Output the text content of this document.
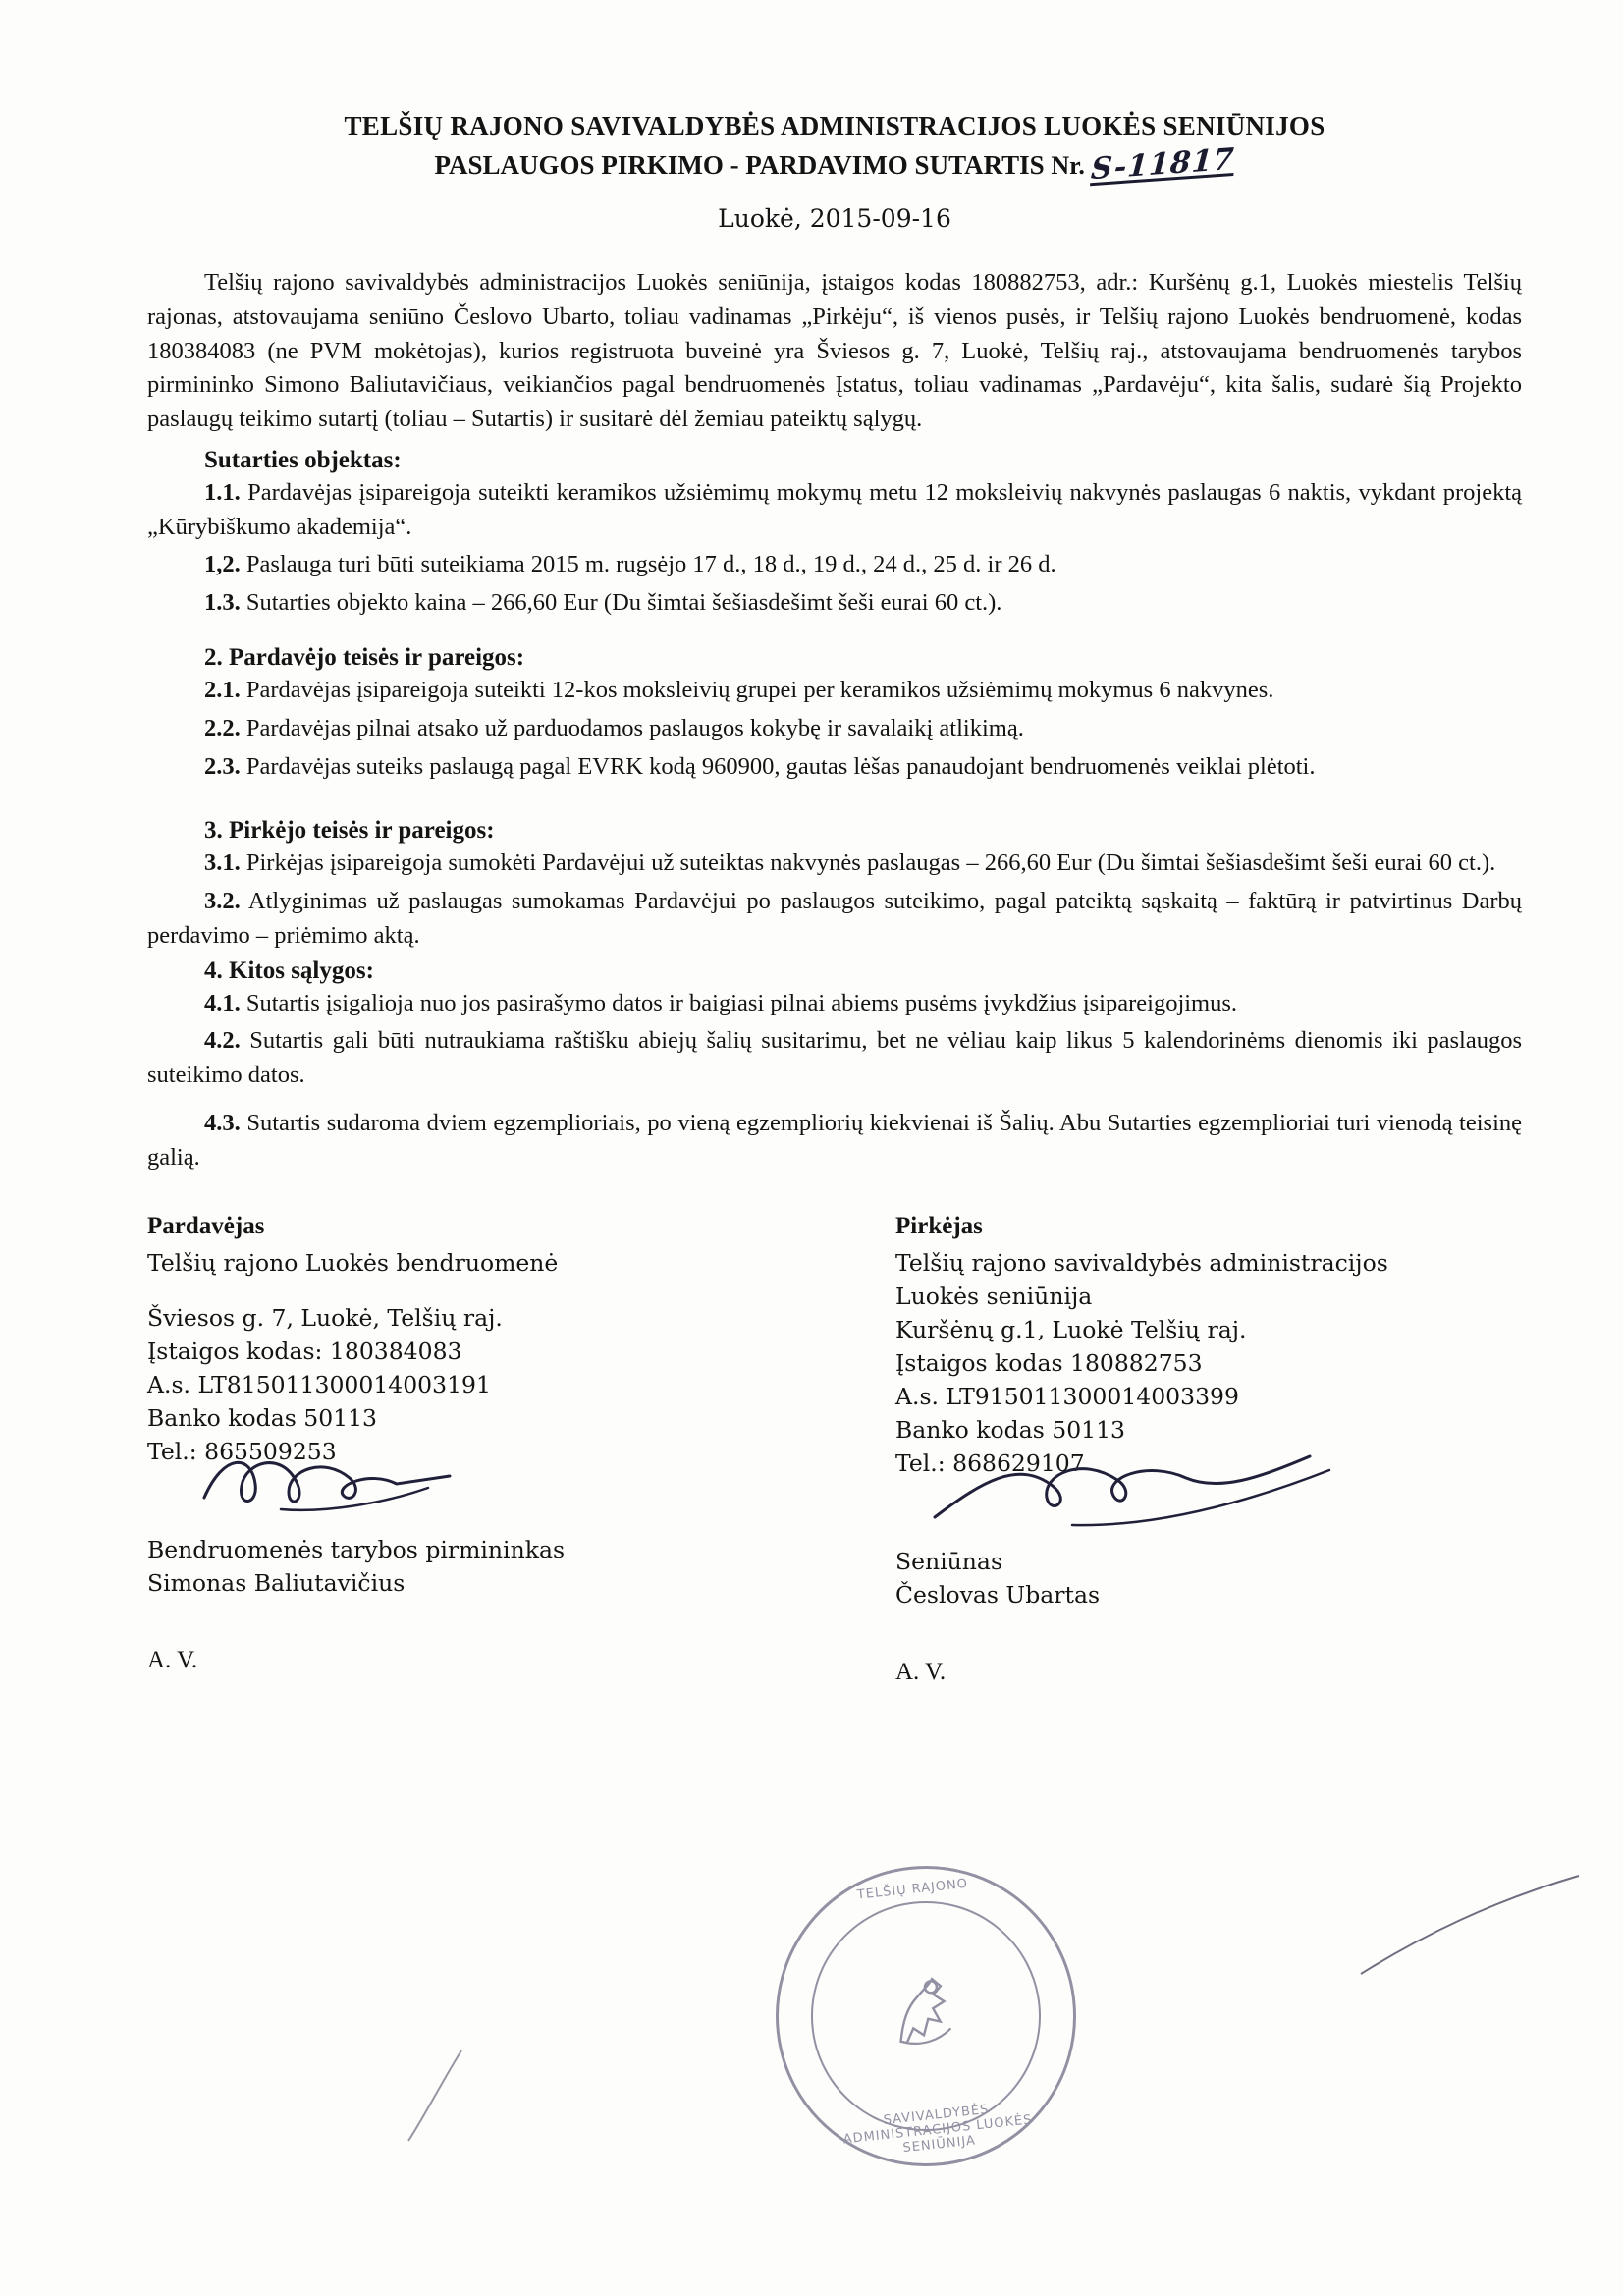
TELŠIŲ RAJONO SAVIVALDYBĖS ADMINISTRACIJOS LUOKĖS SENIŪNIJOS
PASLAUGOS PIRKIMO - PARDAVIMO SUTARTIS Nr. S-11817
Luokė, 2015-09-16

Telšių rajono savivaldybės administracijos Luokės seniūnija, įstaigos kodas 180882753, adr.: Kuršėnų g.1, Luokės miestelis Telšių rajonas, atstovaujama seniūno Česlovo Ubarto, toliau vadinamas „Pirkėju“, iš vienos pusės, ir Telšių rajono Luokės bendruomenė, kodas 180384083 (ne PVM mokėtojas), kurios registruota buveinė yra Šviesos g. 7, Luokė, Telšių raj., atstovaujama bendruomenės tarybos pirmininko Simono Baliutavičiaus, veikiančios pagal bendruomenės Įstatus, toliau vadinamas „Pardavėju“, kita šalis, sudarė šią Projekto paslaugų teikimo sutartį (toliau – Sutartis) ir susitarė dėl žemiau pateiktų sąlygų.

Sutarties objektas:

1.1. Pardavėjas įsipareigoja suteikti keramikos užsiėmimų mokymų metu 12 moksleivių nakvynės paslaugas 6 naktis, vykdant projektą „Kūrybiškumo akademija“.

1,2. Paslauga turi būti suteikiama 2015 m. rugsėjo 17 d., 18 d., 19 d., 24 d., 25 d. ir 26 d.

1.3. Sutarties objekto kaina – 266,60 Eur (Du šimtai šešiasdešimt šeši eurai 60 ct.).

2. Pardavėjo teisės ir pareigos:

2.1. Pardavėjas įsipareigoja suteikti 12-kos moksleivių grupei per keramikos užsiėmimų mokymus 6 nakvynes.

2.2. Pardavėjas pilnai atsako už parduodamos paslaugos kokybę ir savalaikį atlikimą.

2.3. Pardavėjas suteiks paslaugą pagal EVRK kodą 960900, gautas lėšas panaudojant bendruomenės veiklai plėtoti.

3. Pirkėjo teisės ir pareigos:

3.1. Pirkėjas įsipareigoja sumokėti Pardavėjui už suteiktas nakvynės paslaugas – 266,60 Eur (Du šimtai šešiasdešimt šeši eurai 60 ct.).

3.2. Atlyginimas už paslaugas sumokamas Pardavėjui po paslaugos suteikimo, pagal pateiktą sąskaitą – faktūrą ir patvirtinus Darbų perdavimo – priėmimo aktą.

4. Kitos sąlygos:

4.1. Sutartis įsigalioja nuo jos pasirašymo datos ir baigiasi pilnai abiems pusėms įvykdžius įsipareigojimus.

4.2. Sutartis gali būti nutraukiama raštišku abiejų šalių susitarimu, bet ne vėliau kaip likus 5 kalendorinėms dienomis iki paslaugos suteikimo datos.

4.3. Sutartis sudaroma dviem egzemplioriais, po vieną egzempliorių kiekvienai iš Šalių. Abu Sutarties egzemplioriai turi vienodą teisinę galią.

Pardavėjas
Telšių rajono Luokės bendruomenė
Šviesos g. 7, Luokė, Telšių raj.
Įstaigos kodas: 180384083
A.s. LT815011300014003191
Banko kodas 50113
Tel.: 865509253
Bendruomenės tarybos pirmininkas
Simonas Baliutavičius
A. V.
Pirkėjas
Telšių rajono savivaldybės administracijos
Luokės seniūnija
Kuršėnų g.1, Luokė Telšių raj.
Įstaigos kodas 180882753
A.s. LT915011300014003399
Banko kodas 50113
Tel.: 868629107
Seniūnas
Česlovas Ubartas
A. V.
TELŠIŲ RAJONO
SAVIVALDYBĖS ADMINISTRACIJOS LUOKĖS SENIŪNIJA
